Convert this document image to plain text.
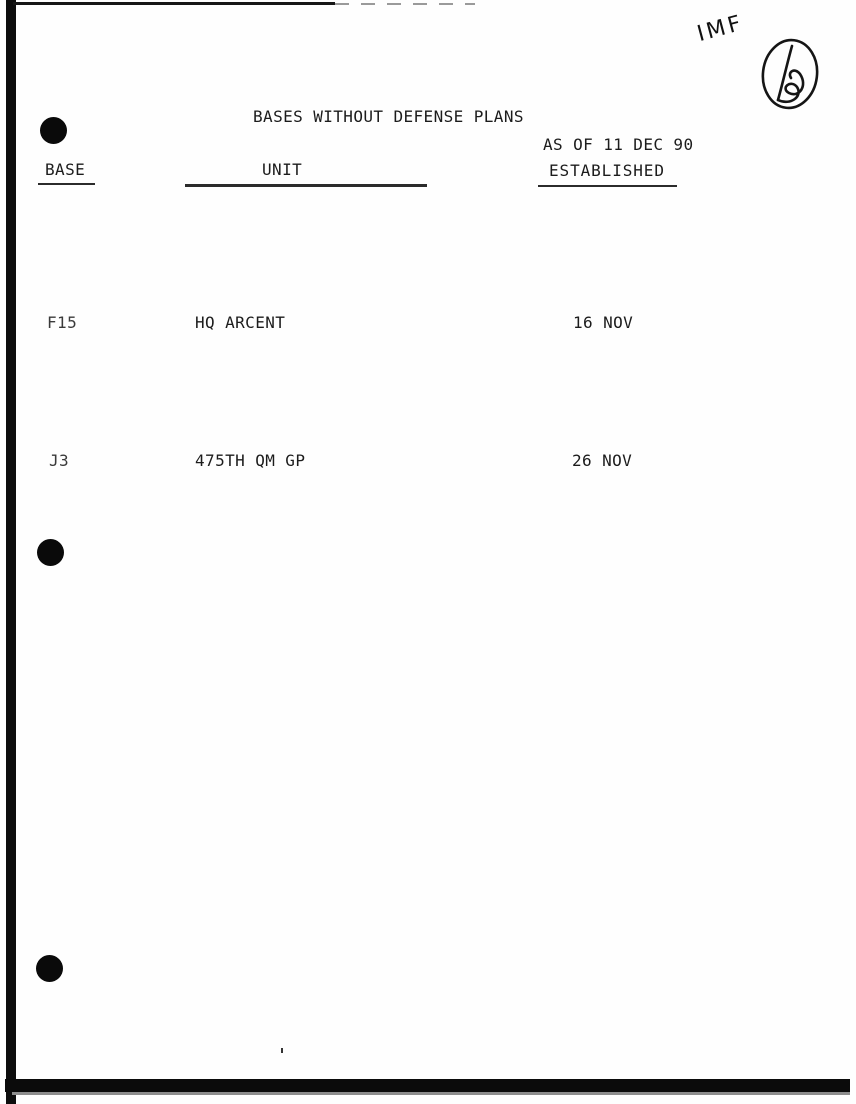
IMF
BASES WITHOUT DEFENSE PLANS
AS OF 11 DEC 90
BASE	UNIT	ESTABLISHED
F15	HQ ARCENT	16 NOV
J3	475TH QM GP	26 NOV
